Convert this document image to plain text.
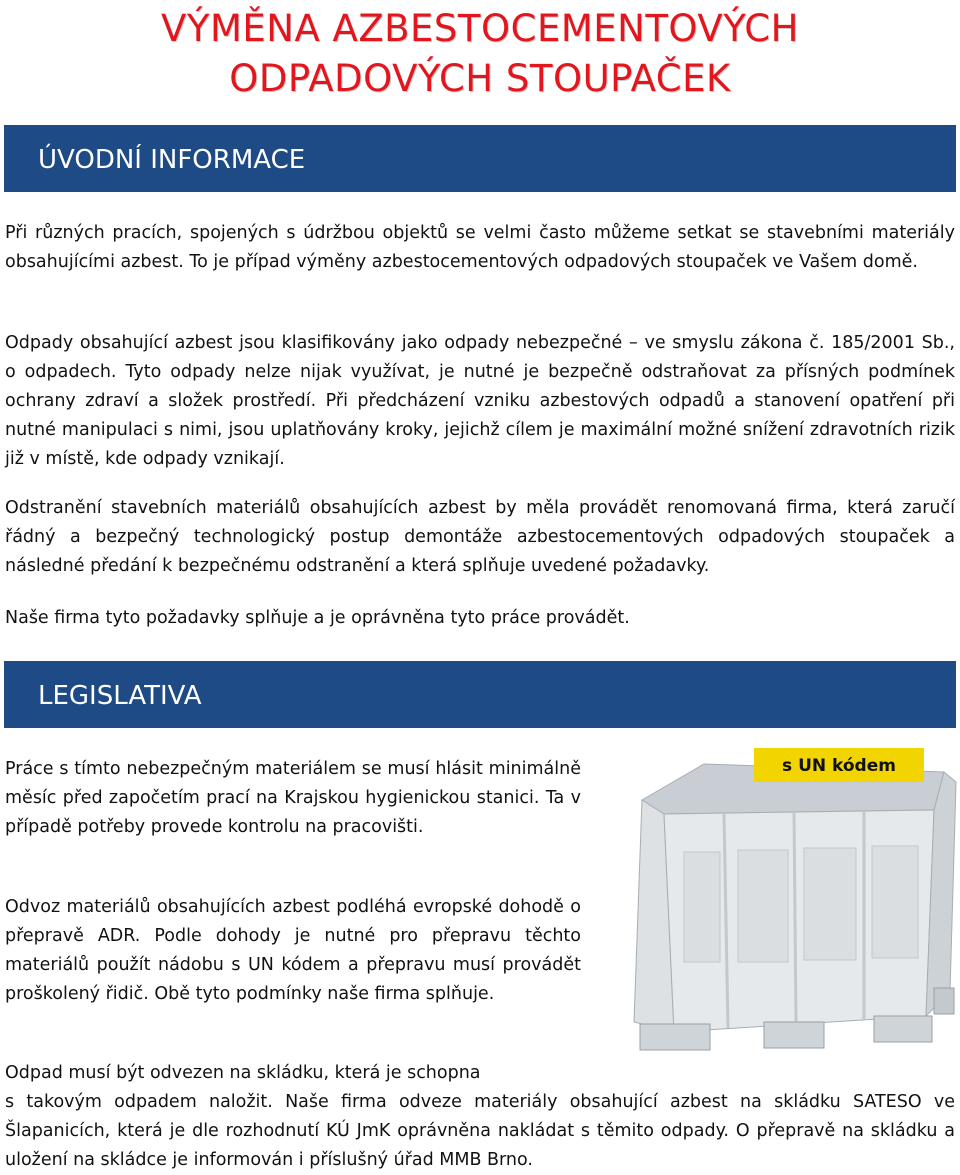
VÝMĚNA AZBESTOCEMENTOVÝCH
ODPADOVÝCH STOUPAČEK
ÚVODNÍ INFORMACE

Při různých pracích, spojených s údržbou objektů se velmi často můžeme setkat se stavebními materiály obsahujícími azbest. To je případ výměny azbestocementových odpadových stoupaček ve Vašem domě.

Odpady obsahující azbest jsou klasifikovány jako odpady nebezpečné – ve smyslu zákona č. 185/2001 Sb., o odpadech. Tyto odpady nelze nijak využívat, je nutné je bezpečně odstraňovat za přísných podmínek ochrany zdraví a složek prostředí. Při předcházení vzniku azbestových odpadů a stanovení opatření při nutné manipulaci s nimi, jsou uplatňovány kroky, jejichž cílem je maximální možné snížení zdravotních rizik již v místě, kde odpady vznikají.

Odstranění stavebních materiálů obsahujících azbest by měla provádět renomovaná firma, která zaručí řádný a bezpečný technologický postup demontáže azbestocementových odpadových stoupaček a následné předání k bezpečnému odstranění a která splňuje uvedené požadavky.

Naše firma tyto požadavky splňuje a je oprávněna tyto práce provádět.

LEGISLATIVA

Práce s tímto nebezpečným materiálem se musí hlásit minimálně měsíc před započetím prací na Krajskou hygienickou stanici. Ta v případě potřeby provede kontrolu na pracovišti.

Odvoz materiálů obsahujících azbest podléhá evropské dohodě o přepravě ADR. Podle dohody je nutné pro přepravu těchto materiálů použít nádobu s UN kódem a přepravu musí provádět proškolený řidič. Obě tyto podmínky naše firma splňuje.

Odpad musí být odvezen na skládku, která je schopna

s takovým odpadem naložit. Naše firma odveze materiály obsahující azbest na skládku SATESO ve Šlapanicích, která je dle rozhodnutí KÚ JmK oprávněna nakládat s těmito odpady. O přepravě na skládku a uložení na skládce je informován i příslušný úřad MMB Brno.

s UN kódem
